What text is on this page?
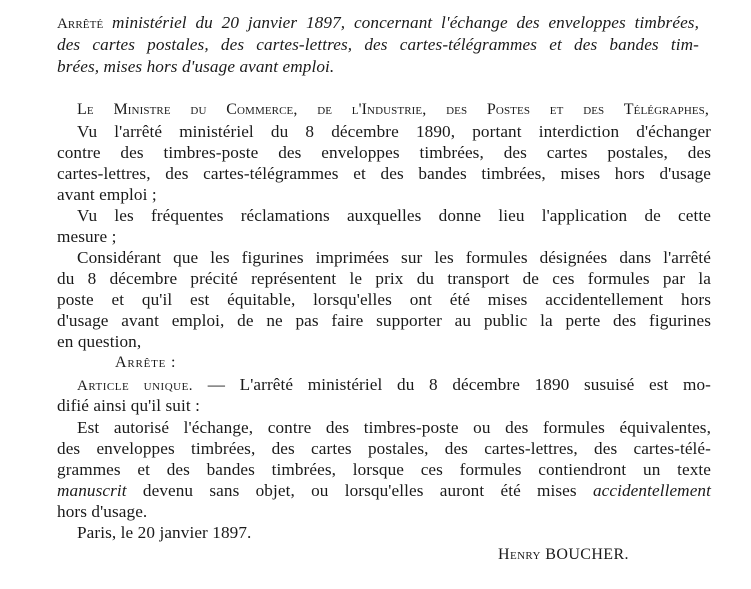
Arrêté ministériel du 20 janvier 1897, concernant l'échange des enveloppes timbrées,
des cartes postales, des cartes-lettres, des cartes-télégrammes et des bandes tim-
brées, mises hors d'usage avant emploi.
Le Ministre du Commerce, de l'Industrie, des Postes et des Télégraphes,
Vu l'arrêté ministériel du 8 décembre 1890, portant interdiction d'échanger
contre des timbres-poste des enveloppes timbrées, des cartes postales, des
cartes-lettres, des cartes-télégrammes et des bandes timbrées, mises hors d'usage
avant emploi ;
Vu les fréquentes réclamations auxquelles donne lieu l'application de cette
mesure ;
Considérant que les figurines imprimées sur les formules désignées dans l'arrêté
du 8 décembre précité représentent le prix du transport de ces formules par la
poste et qu'il est équitable, lorsqu'elles ont été mises accidentellement hors
d'usage avant emploi, de ne pas faire supporter au public la perte des figurines
en question,
Arrête :
Article unique. — L'arrêté ministériel du 8 décembre 1890 susuisé est mo-
difié ainsi qu'il suit :
Est autorisé l'échange, contre des timbres-poste ou des formules équivalentes,
des enveloppes timbrées, des cartes postales, des cartes-lettres, des cartes-télé-
grammes et des bandes timbrées, lorsque ces formules contiendront un texte
manuscrit devenu sans objet, ou lorsqu'elles auront été mises accidentellement
hors d'usage.
Paris, le 20 janvier 1897.
Henry BOUCHER.
